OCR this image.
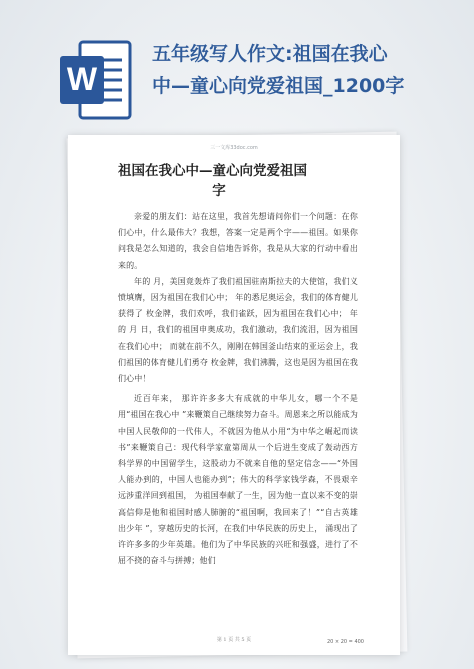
W
五年级写人作文:祖国在我心
中—童心向党爱祖国_1200字

三一文库33doc.com

祖国在我心中—童心向党爱祖国
字

亲爱的朋友们：站在这里，我首先想请问你们一个问题：在你们心中，什么最伟大？我想，答案一定是两个字——祖国。如果你问我是怎么知道的，我会自信地告诉你，我是从大家的行动中看出来的。

年的 月，美国竟轰炸了我们祖国驻南斯拉夫的大使馆，我们义愤填膺，因为祖国在我们心中； 年的悉尼奥运会，我们的体育健儿获得了 枚金牌，我们欢呼，我们雀跃，因为祖国在我们心中； 年的 月 日，我们的祖国申奥成功，我们激动，我们流泪，因为祖国在我们心中； 而就在前不久，刚刚在韩国釜山结束的亚运会上，我们祖国的体育健儿们勇夺 枚金牌，我们沸腾，这也是因为祖国在我们心中！

近百年来， 那许许多多大有成就的中华儿女，哪一个不是用“祖国在我心中 ”来鞭策自己继续努力奋斗。周恩来之所以能成为中国人民敬仰的一代伟人，不就因为他从小用“为中华之崛起而读书”来鞭策自己：现代科学家童第周从一个后进生变成了轰动西方科学界的中国留学生，这股动力不就来自他的坚定信念——“外国人能办到的，中国人也能办到”；伟大的科学家钱学森，不畏艰辛远涉重洋回到祖国， 为祖国奉献了一生，因为他一直以来不变的崇高信仰是他和祖国时感人肺腑的“祖国啊，我回来了！”“自古英雄出少年 ”，穿越历史的长河，在我们中华民族的历史上， 涌现出了许许多多的少年英雄。他们为了中华民族的兴旺和强盛，进行了不屈不挠的奋斗与拼搏；他们

第 1 页 共 5 页	20 × 20 = 400
